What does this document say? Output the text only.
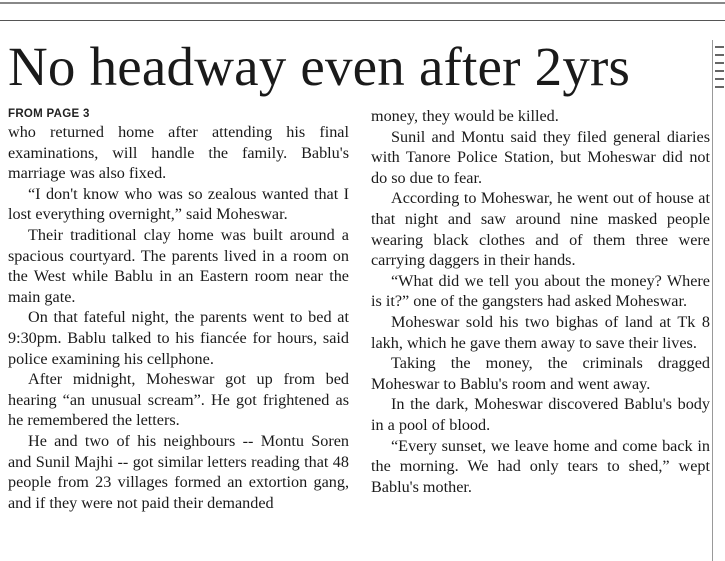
No headway even after 2yrs

FROM PAGE 3

who returned home after attending his final examinations, will handle the family. Bablu's marriage was also fixed.

“I don't know who was so zealous wanted that I lost everything overnight,” said Moheswar.

Their traditional clay home was built around a spacious courtyard. The parents lived in a room on the West while Bablu in an Eastern room near the main gate.

On that fateful night, the parents went to bed at 9:30pm. Bablu talked to his fiancée for hours, said police examining his cellphone.

After midnight, Moheswar got up from bed hearing “an unusual scream”. He got frightened as he remembered the letters.

He and two of his neighbours -- Montu Soren and Sunil Majhi -- got similar letters reading that 48 people from 23 villages formed an extortion gang, and if they were not paid their demanded

money, they would be killed.

Sunil and Montu said they filed general diaries with Tanore Police Station, but Moheswar did not do so due to fear.

According to Moheswar, he went out of house at that night and saw around nine masked people wearing black clothes and of them three were carrying daggers in their hands.

“What did we tell you about the money? Where is it?” one of the gangsters had asked Moheswar.

Moheswar sold his two bighas of land at Tk 8 lakh, which he gave them away to save their lives.

Taking the money, the criminals dragged Moheswar to Bablu's room and went away.

In the dark, Moheswar discovered Bablu's body in a pool of blood.

“Every sunset, we leave home and come back in the morning. We had only tears to shed,” wept Bablu's mother.
